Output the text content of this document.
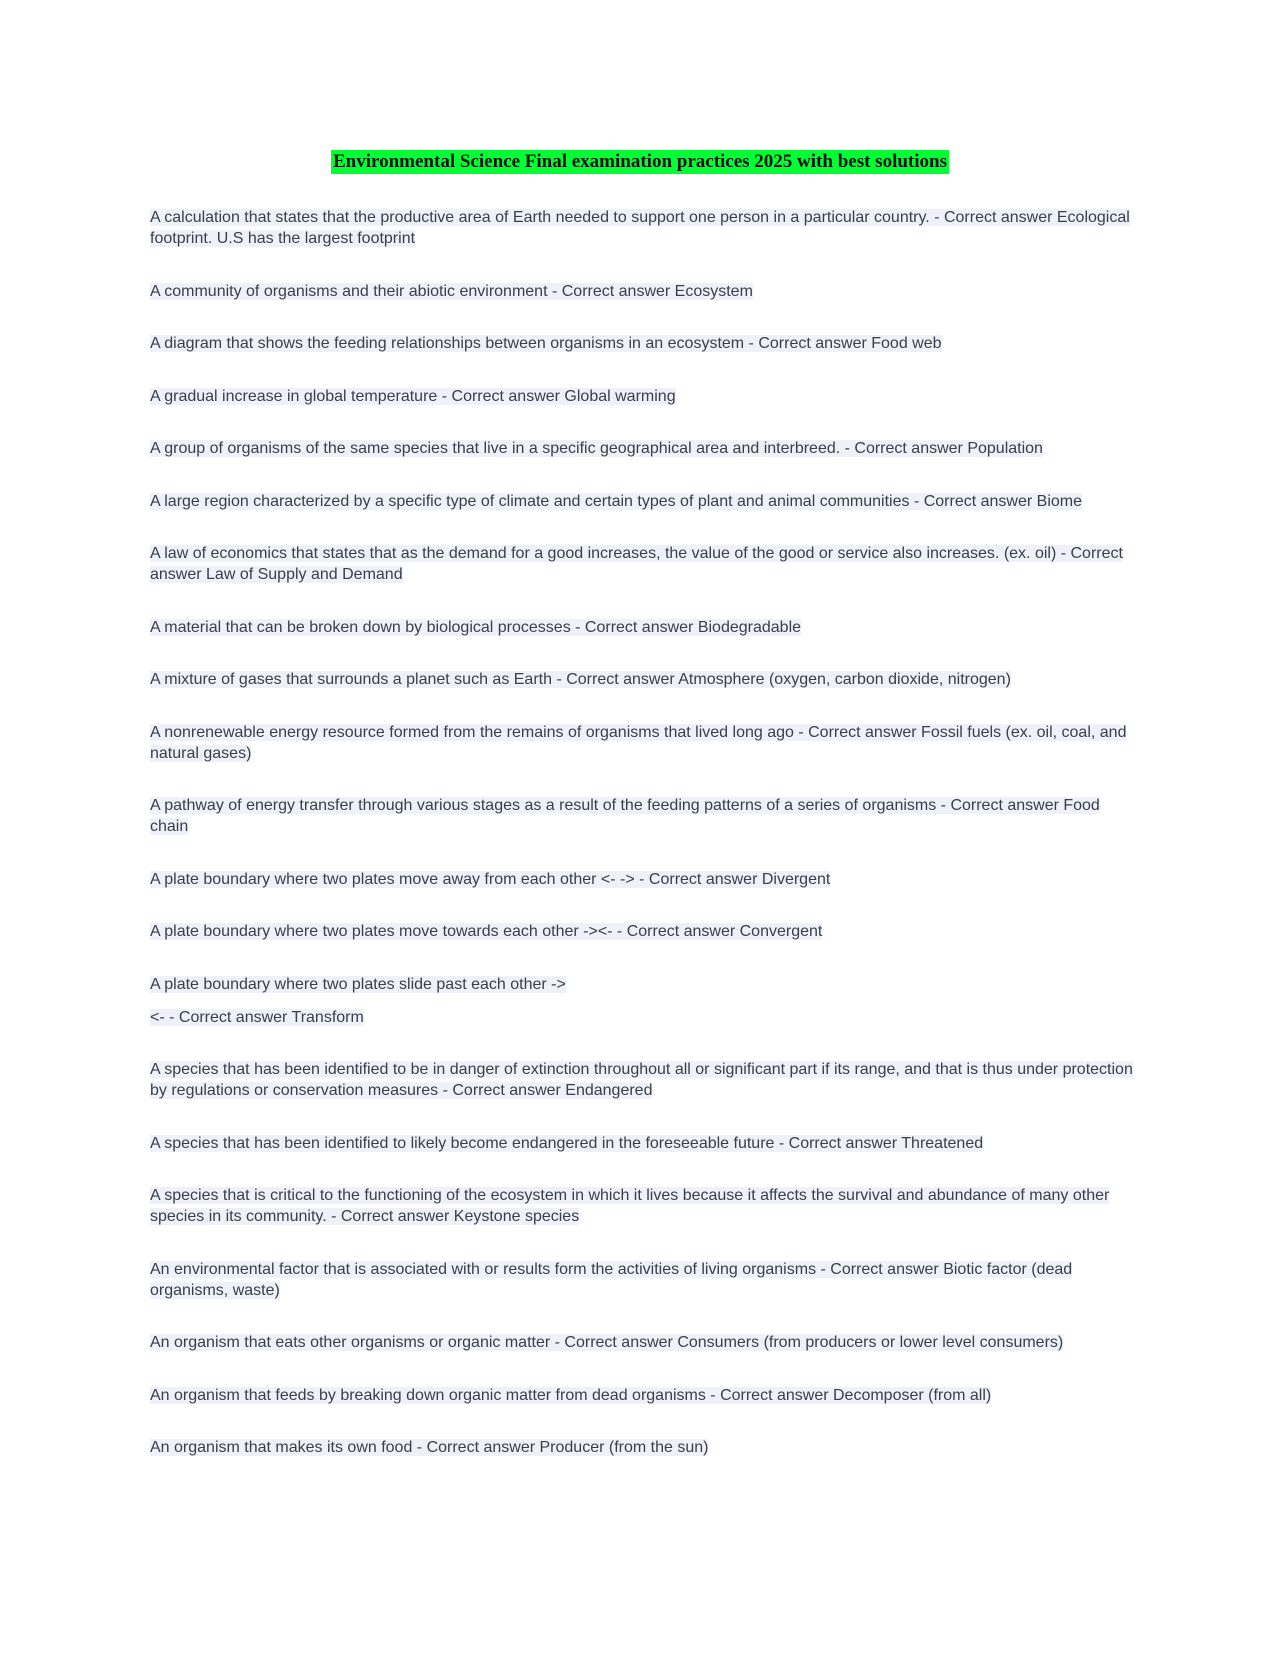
Environmental Science Final examination practices 2025 with best solutions

A calculation that states that the productive area of Earth needed to support one person in a particular country. - Correct answer Ecological footprint. U.S has the largest footprint

A community of organisms and their abiotic environment - Correct answer Ecosystem

A diagram that shows the feeding relationships between organisms in an ecosystem - Correct answer Food web

A gradual increase in global temperature - Correct answer Global warming

A group of organisms of the same species that live in a specific geographical area and interbreed. - Correct answer Population

A large region characterized by a specific type of climate and certain types of plant and animal communities - Correct answer Biome

A law of economics that states that as the demand for a good increases, the value of the good or service also increases. (ex. oil) - Correct answer Law of Supply and Demand

A material that can be broken down by biological processes - Correct answer Biodegradable

A mixture of gases that surrounds a planet such as Earth - Correct answer Atmosphere (oxygen, carbon dioxide, nitrogen)

A nonrenewable energy resource formed from the remains of organisms that lived long ago - Correct answer Fossil fuels (ex. oil, coal, and natural gases)

A pathway of energy transfer through various stages as a result of the feeding patterns of a series of organisms - Correct answer Food chain

A plate boundary where two plates move away from each other <- -> - Correct answer Divergent

A plate boundary where two plates move towards each other -><- - Correct answer Convergent

A plate boundary where two plates slide past each other ->
<- - Correct answer Transform

A species that has been identified to be in danger of extinction throughout all or significant part if its range, and that is thus under protection by regulations or conservation measures - Correct answer Endangered

A species that has been identified to likely become endangered in the foreseeable future - Correct answer Threatened

A species that is critical to the functioning of the ecosystem in which it lives because it affects the survival and abundance of many other species in its community. - Correct answer Keystone species

An environmental factor that is associated with or results form the activities of living organisms - Correct answer Biotic factor (dead organisms, waste)

An organism that eats other organisms or organic matter - Correct answer Consumers (from producers or lower level consumers)

An organism that feeds by breaking down organic matter from dead organisms - Correct answer Decomposer (from all)

An organism that makes its own food - Correct answer Producer (from the sun)
